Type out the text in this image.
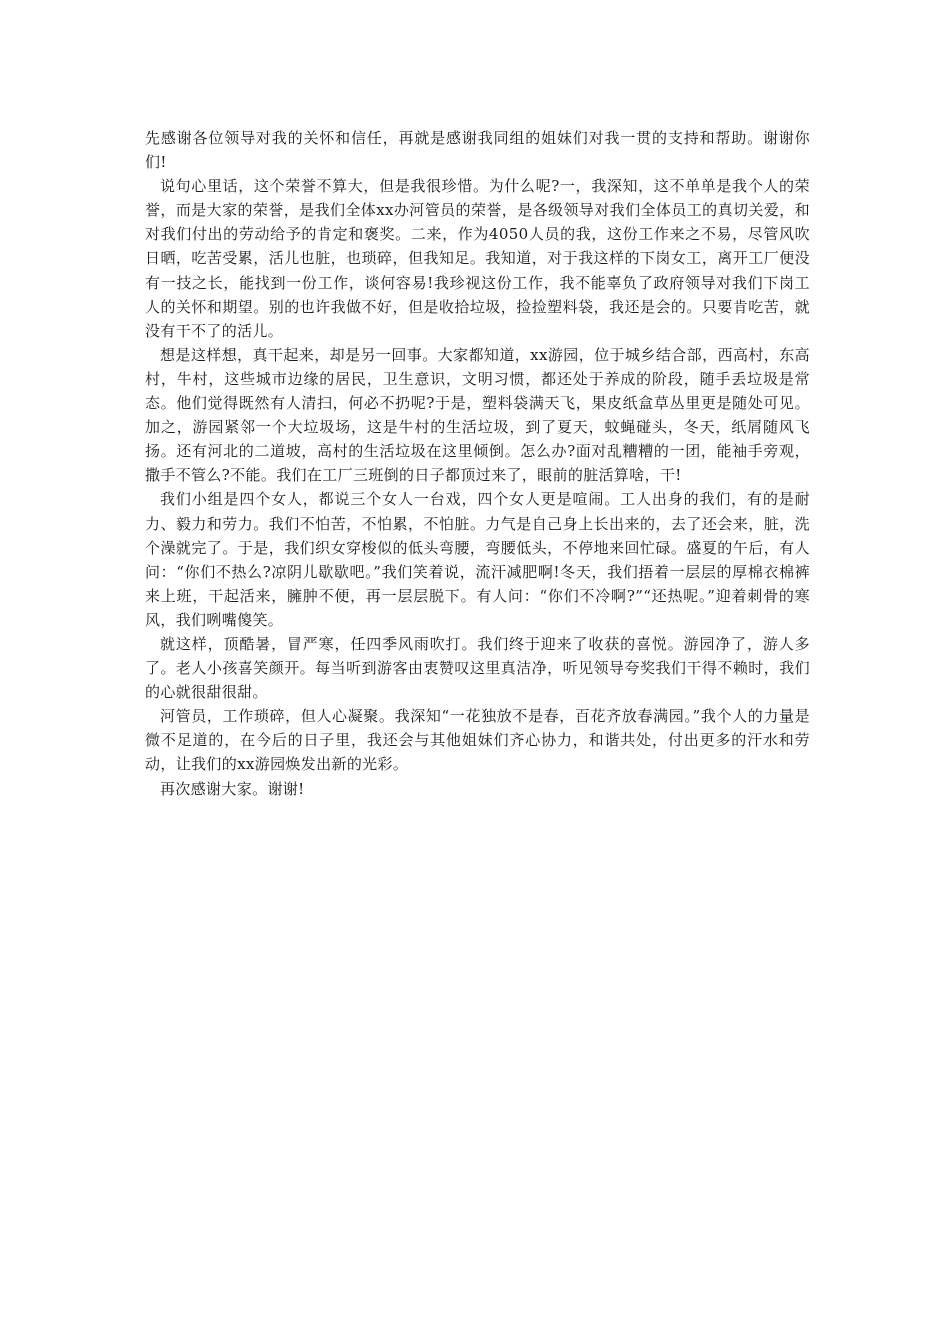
先感谢各位领导对我的关怀和信任，再就是感谢我同组的姐妹们对我一贯的支持和帮助。谢谢你们!

说句心里话，这个荣誉不算大，但是我很珍惜。为什么呢?一，我深知，这不单单是我个人的荣誉，而是大家的荣誉，是我们全体xx办河管员的荣誉，是各级领导对我们全体员工的真切关爱，和对我们付出的劳动给予的肯定和褒奖。二来，作为4050人员的我，这份工作来之不易，尽管风吹日晒，吃苦受累，活儿也脏，也琐碎，但我知足。我知道，对于我这样的下岗女工，离开工厂便没有一技之长，能找到一份工作，谈何容易!我珍视这份工作，我不能辜负了政府领导对我们下岗工人的关怀和期望。别的也许我做不好，但是收拾垃圾，捡捡塑料袋，我还是会的。只要肯吃苦，就没有干不了的活儿。

想是这样想，真干起来，却是另一回事。大家都知道，xx游园，位于城乡结合部，西高村，东高村，牛村，这些城市边缘的居民，卫生意识，文明习惯，都还处于养成的阶段，随手丢垃圾是常态。他们觉得既然有人清扫，何必不扔呢?于是，塑料袋满天飞，果皮纸盒草丛里更是随处可见。加之，游园紧邻一个大垃圾场，这是牛村的生活垃圾，到了夏天，蚊蝇碰头，冬天，纸屑随风飞扬。还有河北的二道坡，高村的生活垃圾在这里倾倒。怎么办?面对乱糟糟的一团，能袖手旁观，撒手不管么?不能。我们在工厂三班倒的日子都顶过来了，眼前的脏活算啥，干!

我们小组是四个女人，都说三个女人一台戏，四个女人更是喧闹。工人出身的我们，有的是耐力、毅力和劳力。我们不怕苦，不怕累，不怕脏。力气是自己身上长出来的，去了还会来，脏，洗个澡就完了。于是，我们织女穿梭似的低头弯腰，弯腰低头，不停地来回忙碌。盛夏的午后，有人问：“你们不热么?凉阴儿歇歇吧。”我们笑着说，流汗减肥啊!冬天，我们捂着一层层的厚棉衣棉裤来上班，干起活来，臃肿不便，再一层层脱下。有人问：“你们不冷啊?”“还热呢。”迎着刺骨的寒风，我们咧嘴傻笑。

就这样，顶酷暑，冒严寒，任四季风雨吹打。我们终于迎来了收获的喜悦。游园净了，游人多了。老人小孩喜笑颜开。每当听到游客由衷赞叹这里真洁净，听见领导夸奖我们干得不赖时，我们的心就很甜很甜。

河管员，工作琐碎，但人心凝聚。我深知“一花独放不是春，百花齐放春满园。”我个人的力量是微不足道的，在今后的日子里，我还会与其他姐妹们齐心协力，和谐共处，付出更多的汗水和劳动，让我们的xx游园焕发出新的光彩。

再次感谢大家。谢谢!
